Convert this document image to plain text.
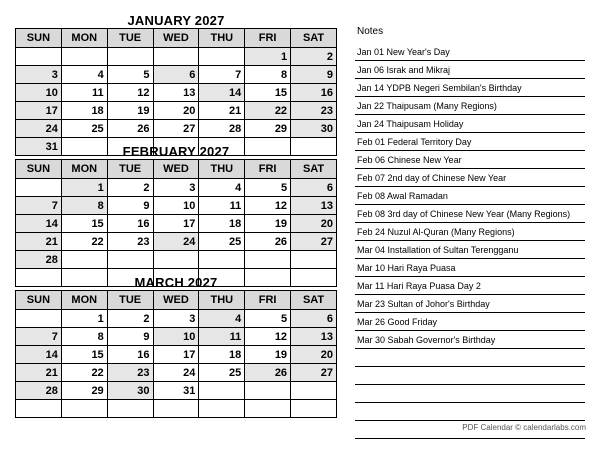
JANUARY 2027
SUN	MON	TUE	WED	THU	FRI	SAT
					1	2
3	4	5	6	7	8	9
10	11	12	13	14	15	16
17	18	19	20	21	22	23
24	25	26	27	28	29	30
31							FEBRUARY 2027
SUN	MON	TUE	WED	THU	FRI	SAT
	1	2	3	4	5	6
7	8	9	10	11	12	13
14	15	16	17	18	19	20
21	22	23	24	25	26	27
28						

MARCH 2027
SUN	MON	TUE	WED	THU	FRI	SAT
	1	2	3	4	5	6
7	8	9	10	11	12	13
14	15	16	17	18	19	20
21	22	23	24	25	26	27
28	29	30	31			

Notes
Jan 01 New Year's Day
Jan 06 Israk and Mikraj
Jan 14 YDPB Negeri Sembilan's Birthday
Jan 22 Thaipusam (Many Regions)
Jan 24 Thaipusam Holiday
Feb 01 Federal Territory Day
Feb 06 Chinese New Year
Feb 07 2nd day of Chinese New Year
Feb 08 Awal Ramadan
Feb 08 3rd day of Chinese New Year (Many Regions)
Feb 24 Nuzul Al-Quran (Many Regions)
Mar 04 Installation of Sultan Terengganu
Mar 10 Hari Raya Puasa
Mar 11 Hari Raya Puasa Day 2
Mar 23 Sultan of Johor's Birthday
Mar 26 Good Friday
Mar 30 Sabah Governor's Birthday
PDF Calendar © calendarlabs.com
